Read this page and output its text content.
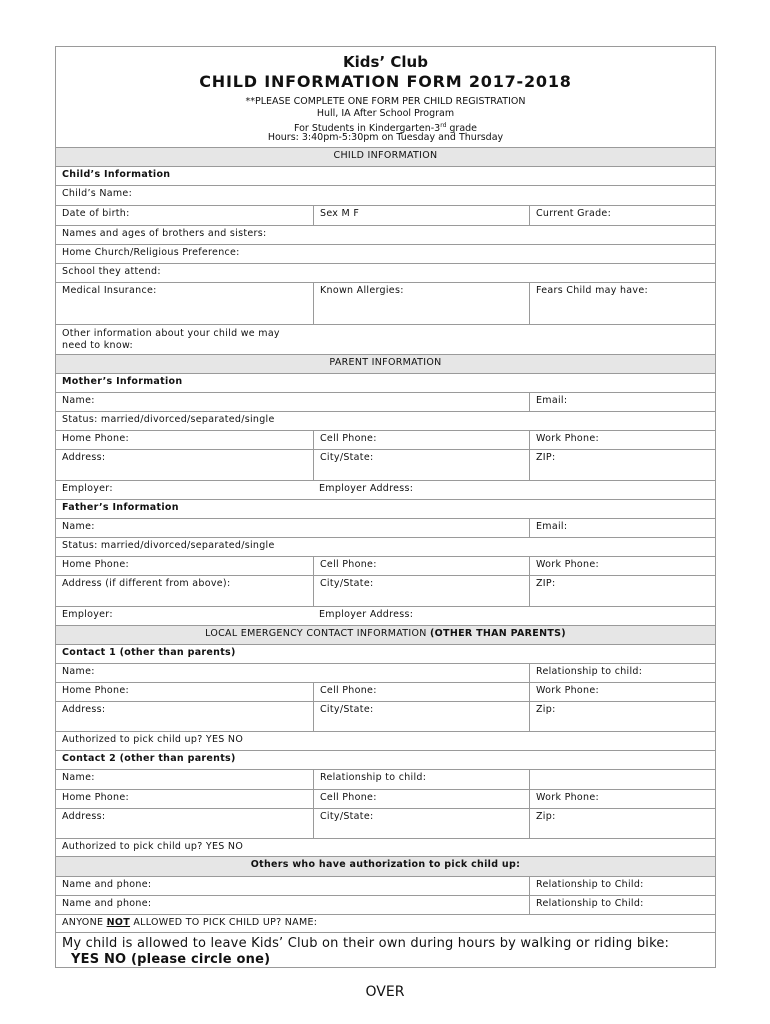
Kids’ Club
CHILD INFORMATION FORM 2017-2018
**PLEASE COMPLETE ONE FORM PER CHILD REGISTRATION
Hull, IA After School Program
For Students in Kindergarten-3rd grade
Hours: 3:40pm-5:30pm on Tuesday and Thursday
CHILD INFORMATION
Child’s Information
Child’s Name:
Date of birth:	Sex M F	Current Grade:
Names and ages of brothers and sisters:
Home Church/Religious Preference:
School they attend:
Medical Insurance:	Known Allergies:	Fears Child may have:
Other information about your child we may need to know:
PARENT INFORMATION
Mother’s Information
Name:	Email:
Status: married/divorced/separated/single
Home Phone:	Cell Phone:	Work Phone:
Address:	City/State:	ZIP:
Employer:	Employer Address:
Father’s Information
Name:	Email:
Status: married/divorced/separated/single
Home Phone:	Cell Phone:	Work Phone:
Address (if different from above):	City/State:	ZIP:
Employer:	Employer Address:
LOCAL EMERGENCY CONTACT INFORMATION (OTHER THAN PARENTS)
Contact 1 (other than parents)
Name:	Relationship to child:
Home Phone:	Cell Phone:	Work Phone:
Address:	City/State:	Zip:
Authorized to pick child up? YES NO
Contact 2 (other than parents)
Name:	Relationship to child:
Home Phone:	Cell Phone:	Work Phone:
Address:	City/State:	Zip:
Authorized to pick child up? YES NO
Others who have authorization to pick child up:
Name and phone:	Relationship to Child:
Name and phone:	Relationship to Child:
ANYONE NOT ALLOWED TO PICK CHILD UP? NAME:
My child is allowed to leave Kids’ Club on their own during hours by walking or riding bike:
YES NO (please circle one)
OVER
